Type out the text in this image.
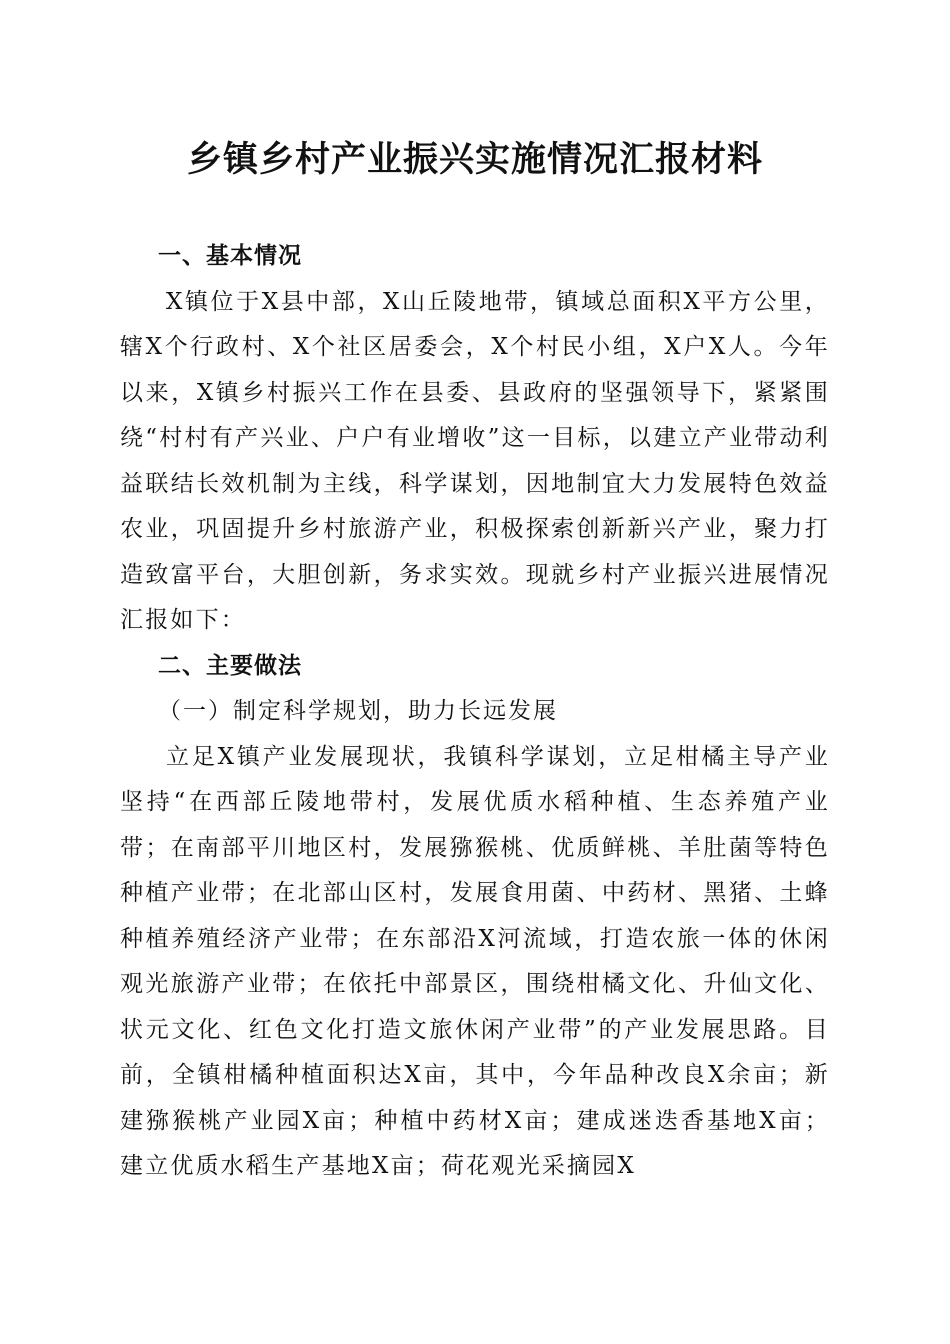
乡镇乡村产业振兴实施情况汇报材料

一、基本情况

X镇位于X县中部，X山丘陵地带，镇域总面积X平方公里，辖X个行政村、X个社区居委会，X个村民小组，X户X人。今年以来，X镇乡村振兴工作在县委、县政府的坚强领导下，紧紧围绕“村村有产兴业、户户有业增收”这一目标，以建立产业带动利益联结长效机制为主线，科学谋划，因地制宜大力发展特色效益农业，巩固提升乡村旅游产业，积极探索创新新兴产业，聚力打造致富平台，大胆创新，务求实效。现就乡村产业振兴进展情况汇报如下：

二、主要做法

（一）制定科学规划，助力长远发展

立足X镇产业发展现状，我镇科学谋划，立足柑橘主导产业坚持“在西部丘陵地带村，发展优质水稻种植、生态养殖产业带；在南部平川地区村，发展猕猴桃、优质鲜桃、羊肚菌等特色种植产业带；在北部山区村，发展食用菌、中药材、黑猪、土蜂种植养殖经济产业带；在东部沿X河流域，打造农旅一体的休闲观光旅游产业带；在依托中部景区，围绕柑橘文化、升仙文化、状元文化、红色文化打造文旅休闲产业带”的产业发展思路。目前，全镇柑橘种植面积达X亩，其中，今年品种改良X余亩；新建猕猴桃产业园X亩；种植中药材X亩；建成迷迭香基地X亩；建立优质水稻生产基地X亩；荷花观光采摘园X
